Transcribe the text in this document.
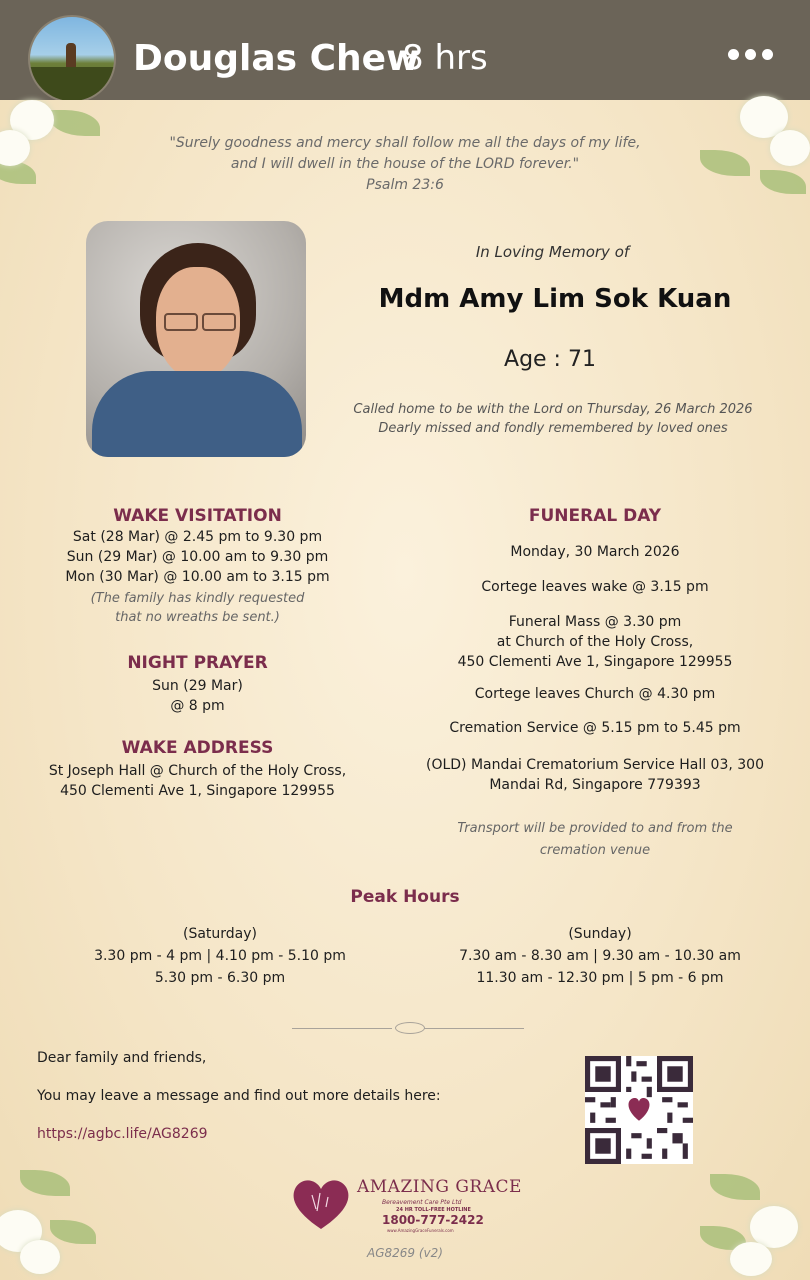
Douglas Chew
8 hrs
"Surely goodness and mercy shall follow me all the days of my life,
and I will dwell in the house of the LORD forever."
Psalm 23:6
In Loving Memory of
Mdm Amy Lim Sok Kuan
Age : 71
Called home to be with the Lord on Thursday, 26 March 2026
Dearly missed and fondly remembered by loved ones
WAKE VISITATION
Sat (28 Mar) @ 2.45 pm to 9.30 pm
Sun (29 Mar) @ 10.00 am to 9.30 pm
Mon (30 Mar) @ 10.00 am to 3.15 pm
(The family has kindly requested
that no wreaths be sent.)
NIGHT PRAYER
Sun (29 Mar)
@ 8 pm
WAKE ADDRESS
St Joseph Hall @ Church of the Holy Cross,
450 Clementi Ave 1, Singapore 129955
FUNERAL DAY
Monday, 30 March 2026
Cortege leaves wake @ 3.15 pm
Funeral Mass @ 3.30 pm
at Church of the Holy Cross,
450 Clementi Ave 1, Singapore 129955
Cortege leaves Church @ 4.30 pm
Cremation Service @ 5.15 pm to 5.45 pm
(OLD) Mandai Crematorium Service Hall 03, 300
Mandai Rd, Singapore 779393
Transport will be provided to and from the
cremation venue
Peak Hours
(Saturday)
3.30 pm - 4 pm | 4.10 pm - 5.10 pm
5.30 pm - 6.30 pm
(Sunday)
7.30 am - 8.30 am | 9.30 am - 10.30 am
11.30 am - 12.30 pm | 5 pm - 6 pm
Dear family and friends,
You may leave a message and find out more details here:
https://agbc.life/AG8269
AMAZING GRACE
Bereavement Care Pte Ltd
24 HR TOLL-FREE HOTLINE
1800-777-2422
www.AmazingGraceFunerals.com
AG8269 (v2)
